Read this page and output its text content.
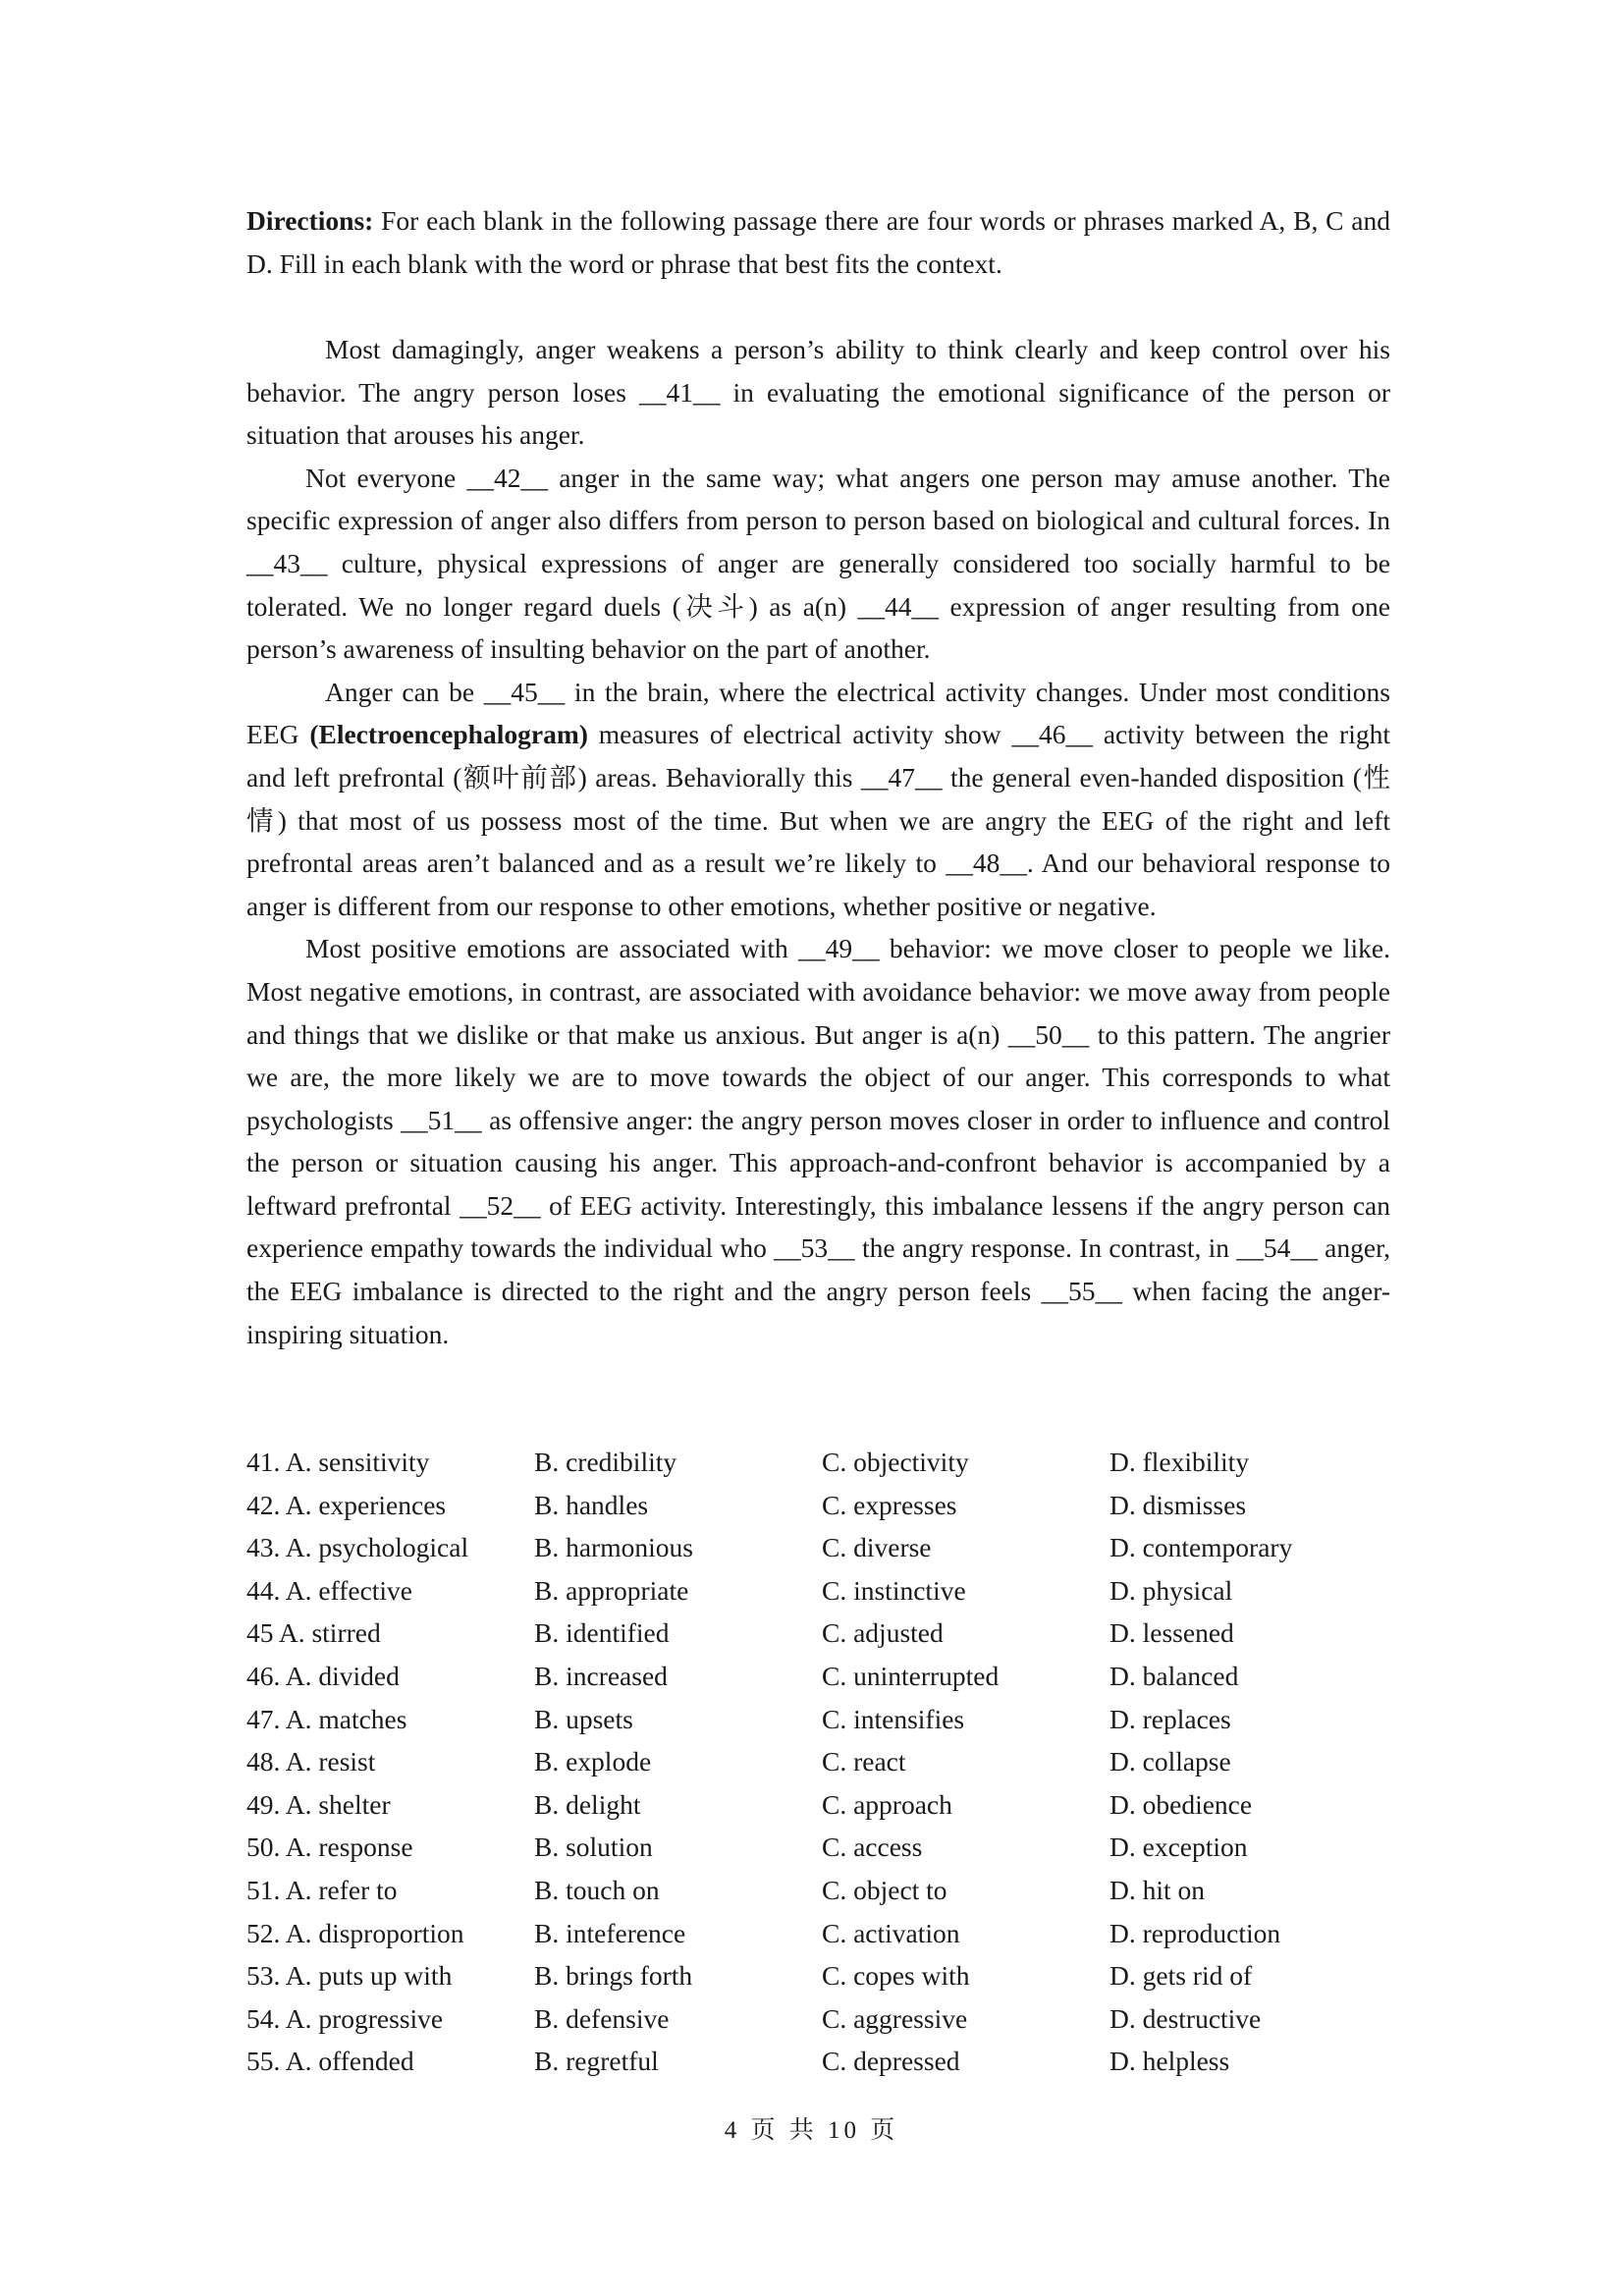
Directions: For each blank in the following passage there are four words or phrases marked A, B, C and D. Fill in each blank with the word or phrase that best fits the context.

Most damagingly, anger weakens a person’s ability to think clearly and keep control over his behavior. The angry person loses __41__ in evaluating the emotional significance of the person or situation that arouses his anger.

Not everyone __42__ anger in the same way; what angers one person may amuse another. The specific expression of anger also differs from person to person based on biological and cultural forces. In __43__ culture, physical expressions of anger are generally considered too socially harmful to be tolerated. We no longer regard duels (决斗) as a(n) __44__ expression of anger resulting from one person’s awareness of insulting behavior on the part of another.

Anger can be __45__ in the brain, where the electrical activity changes. Under most conditions EEG (Electroencephalogram) measures of electrical activity show __46__ activity between the right and left prefrontal (额叶前部) areas. Behaviorally this __47__ the general even-handed disposition (性情) that most of us possess most of the time. But when we are angry the EEG of the right and left prefrontal areas aren’t balanced and as a result we’re likely to __48__. And our behavioral response to anger is different from our response to other emotions, whether positive or negative.

Most positive emotions are associated with __49__ behavior: we move closer to people we like. Most negative emotions, in contrast, are associated with avoidance behavior: we move away from people and things that we dislike or that make us anxious. But anger is a(n) __50__ to this pattern. The angrier we are, the more likely we are to move towards the object of our anger. This corresponds to what psychologists __51__ as offensive anger: the angry person moves closer in order to influence and control the person or situation causing his anger. This approach-and-confront behavior is accompanied by a leftward prefrontal __52__ of EEG activity. Interestingly, this imbalance lessens if the angry person can experience empathy towards the individual who __53__ the angry response. In contrast, in __54__ anger, the EEG imbalance is directed to the right and the angry person feels __55__ when facing the anger-inspiring situation.

41. A. sensitivity	B. credibility	C. objectivity	D. flexibility
42. A. experiences	B. handles	C. expresses	D. dismisses
43. A. psychological	B. harmonious	C. diverse	D. contemporary
44. A. effective	B. appropriate	C. instinctive	D. physical
45 A. stirred	B. identified	C. adjusted	D. lessened
46. A. divided	B. increased	C. uninterrupted	D. balanced
47. A. matches	B. upsets	C. intensifies	D. replaces
48. A. resist	B. explode	C. react	D. collapse
49. A. shelter	B. delight	C. approach	D. obedience
50. A. response	B. solution	C. access	D. exception
51. A. refer to	B. touch on	C. object to	D. hit on
52. A. disproportion	B. inteference	C. activation	D. reproduction
53. A. puts up with	B. brings forth	C. copes with	D. gets rid of
54. A. progressive	B. defensive	C. aggressive	D. destructive
55. A. offended	B. regretful	C. depressed	D. helpless
4 页 共 10 页
